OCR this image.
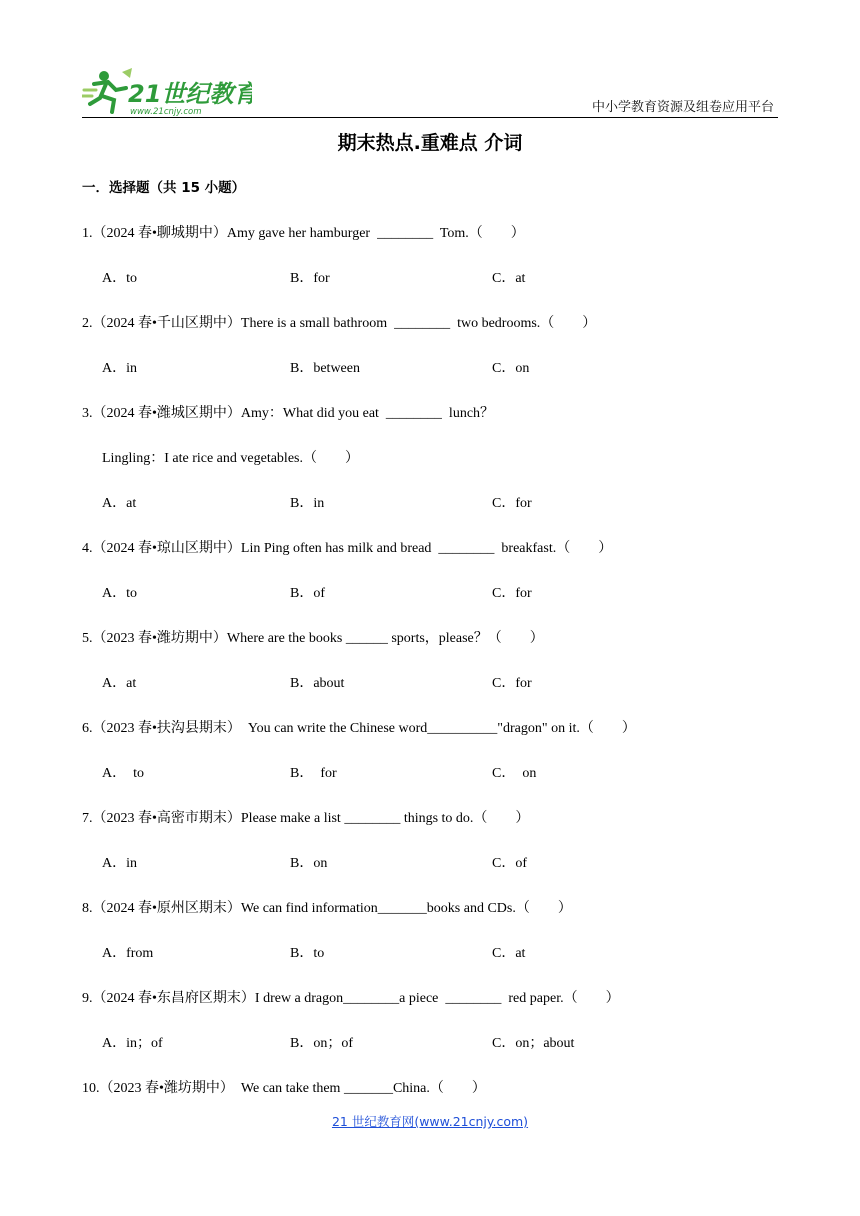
21世纪教育
www.21cnjy.com	中小学教育资源及组卷应用平台
期末热点.重难点 介词
一．选择题（共 15 小题）
1.（2024 春•聊城期中）Amy gave her hamburger  ________  Tom.（        ）
A．to	B．for	C．at
2.（2024 春•千山区期中）There is a small bathroom  ________  two bedrooms.（        ）
A．in	B．between	C．on
3.（2024 春•潍城区期中）Amy：What did you eat  ________  lunch？
Lingling：I ate rice and vegetables.（        ）
A．at	B．in	C．for
4.（2024 春•琼山区期中）Lin Ping often has milk and bread  ________  breakfast.（        ）
A．to	B．of	C．for
5.（2023 春•潍坊期中）Where are the books ______ sports，please？（        ）
A．at	B．about	C．for
6.（2023 春•扶沟县期末）  You can write the Chinese word__________"dragon" on it.（        ）
A．  to	B．  for	C．  on
7.（2023 春•高密市期末）Please make a list ________ things to do.（        ）
A．in	B．on	C．of
8.（2024 春•原州区期末）We can find information_______books and CDs.（        ）
A．from	B．to	C．at
9.（2024 春•东昌府区期末）I drew a dragon________a piece  ________  red paper.（        ）
A．in；of	B．on；of	C．on；about
10.（2023 春•潍坊期中）  We can take them _______China.（        ）
21 世纪教育网(www.21cnjy.com)
